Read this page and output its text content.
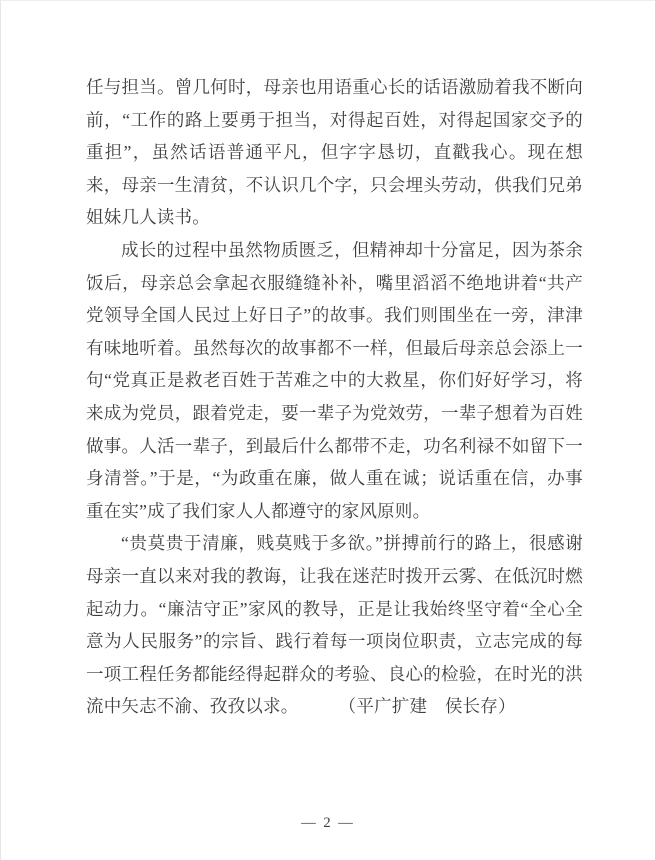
任与担当。曾几何时，母亲也用语重心长的话语激励着我不断向前，“工作的路上要勇于担当，对得起百姓，对得起国家交予的重担”，虽然话语普通平凡，但字字恳切，直戳我心。现在想来，母亲一生清贫，不认识几个字，只会埋头劳动，供我们兄弟姐妹几人读书。

成长的过程中虽然物质匮乏，但精神却十分富足，因为茶余饭后，母亲总会拿起衣服缝缝补补，嘴里滔滔不绝地讲着“共产党领导全国人民过上好日子”的故事。我们则围坐在一旁，津津有味地听着。虽然每次的故事都不一样，但最后母亲总会添上一句“党真正是救老百姓于苦难之中的大救星，你们好好学习，将来成为党员，跟着党走，要一辈子为党效劳，一辈子想着为百姓做事。人活一辈子，到最后什么都带不走，功名利禄不如留下一身清誉。”于是，“为政重在廉，做人重在诚；说话重在信，办事重在实”成了我们家人人都遵守的家风原则。

“贵莫贵于清廉，贱莫贱于多欲。”拼搏前行的路上，很感谢母亲一直以来对我的教诲，让我在迷茫时拨开云雾、在低沉时燃起动力。“廉洁守正”家风的教导，正是让我始终坚守着“全心全意为人民服务”的宗旨、践行着每一项岗位职责，立志完成的每一项工程任务都能经得起群众的考验、良心的检验，在时光的洪流中矢志不渝、孜孜以求。	（平广扩建　侯长存）

— 2 —
